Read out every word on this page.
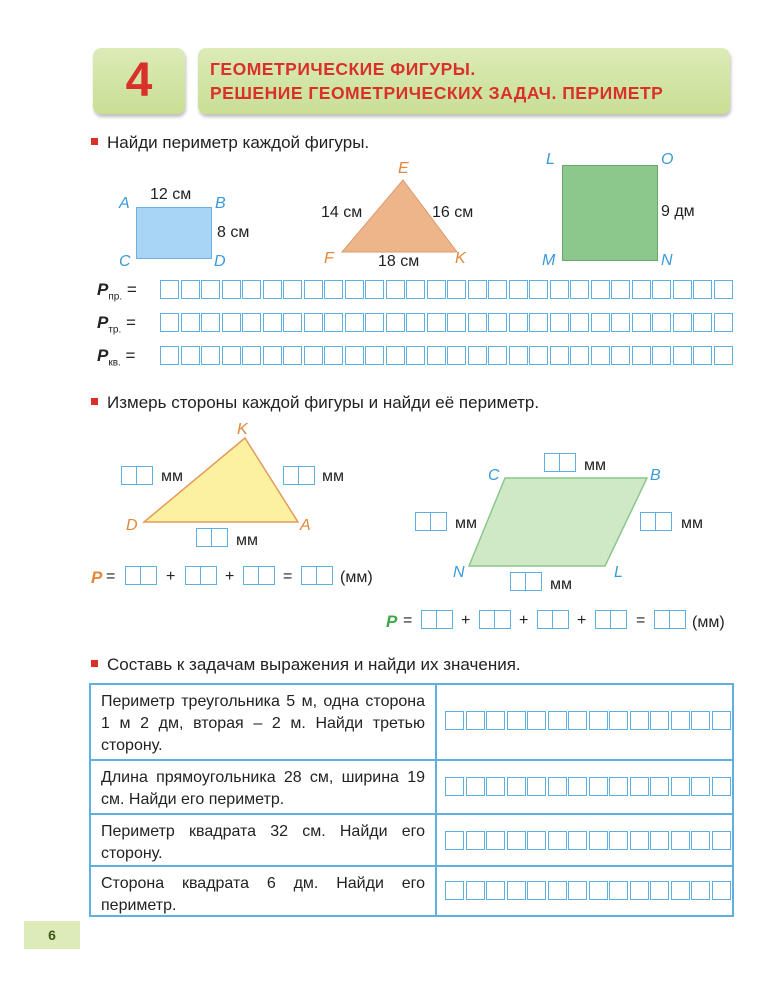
4	ГЕОМЕТРИЧЕСКИЕ ФИГУРЫ.
РЕШЕНИЕ ГЕОМЕТРИЧЕСКИХ ЗАДАЧ. ПЕРИМЕТР
Найди периметр каждой фигуры.
A	B
C	D
12 см
8 см
E
F	K
14 см	16 см
18 см
L	O
M	N
9 дм
$P_{пр.}$ =
$P_{тр.}$ =
$P_{кв.}$ =
Измерь стороны каждой фигуры и найди её периметр.
K
D	A
мм	мм
мм
P =	+	+	=	(мм)
C	B
N	L
мм
мм	мм
мм
P =	+	+	+	=	(мм)
Составь к задачам выражения и найди их значения.
Периметр треугольника 5 м, одна сторона 1 м 2 дм, вторая – 2 м. Найди третью сторону.
Длина прямоугольника 28 см, ширина 19 см. Найди его периметр.
Периметр квадрата 32 см. Найди его сторону.
Сторона квадрата 6 дм. Найди его периметр.
6
